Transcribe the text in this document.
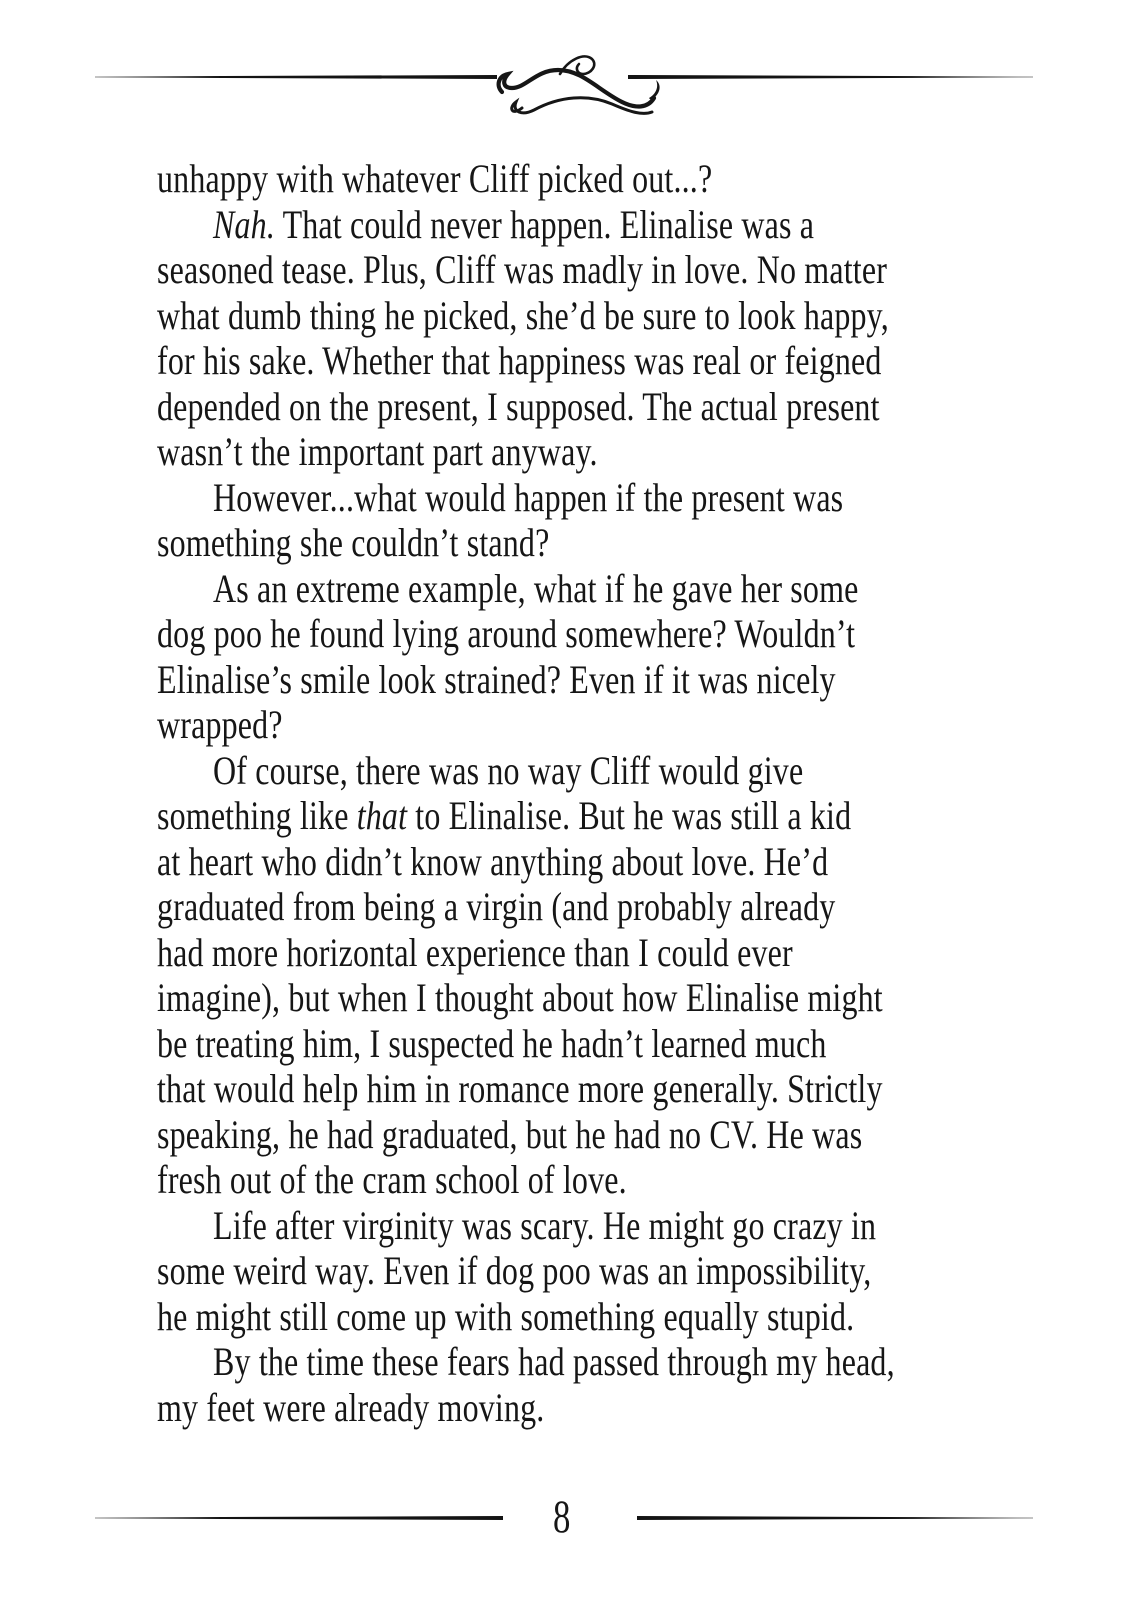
unhappy with whatever Cliff picked out...?
Nah. That could never happen. Elinalise was a
seasoned tease. Plus, Cliff was madly in love. No matter
what dumb thing he picked, she’d be sure to look happy,
for his sake. Whether that happiness was real or feigned
depended on the present, I supposed. The actual present
wasn’t the important part anyway.
However...what would happen if the present was
something she couldn’t stand?
As an extreme example, what if he gave her some
dog poo he found lying around somewhere? Wouldn’t
Elinalise’s smile look strained? Even if it was nicely
wrapped?
Of course, there was no way Cliff would give
something like that to Elinalise. But he was still a kid
at heart who didn’t know anything about love. He’d
graduated from being a virgin (and probably already
had more horizontal experience than I could ever
imagine), but when I thought about how Elinalise might
be treating him, I suspected he hadn’t learned much
that would help him in romance more generally. Strictly
speaking, he had graduated, but he had no CV. He was
fresh out of the cram school of love.
Life after virginity was scary. He might go crazy in
some weird way. Even if dog poo was an impossibility,
he might still come up with something equally stupid.
By the time these fears had passed through my head,
my feet were already moving.
8
